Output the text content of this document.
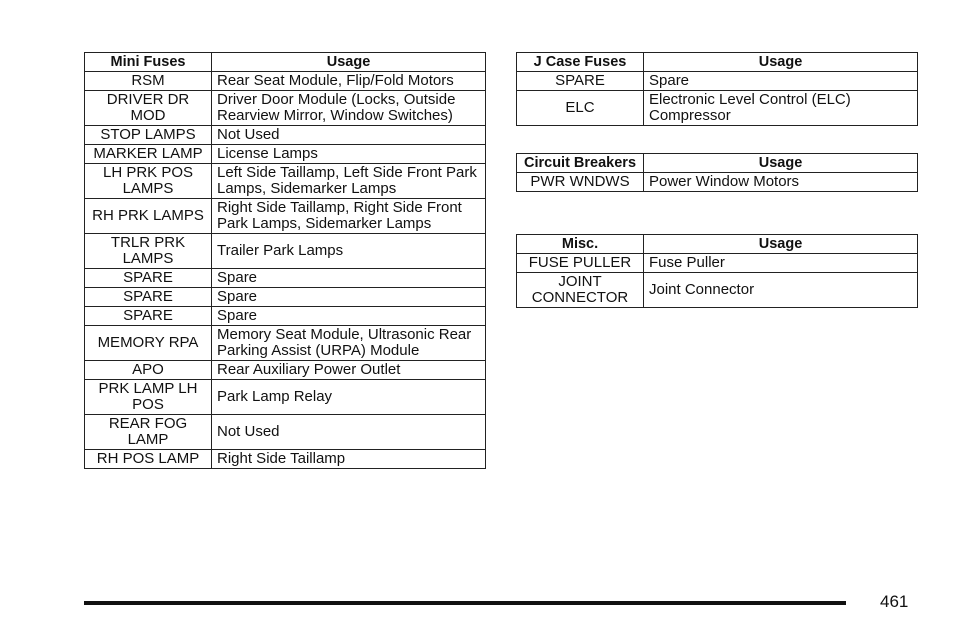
Mini Fuses	Usage
RSM	Rear Seat Module, Flip/Fold Motors
DRIVER DR MOD	Driver Door Module (Locks, Outside Rearview Mirror, Window Switches)
STOP LAMPS	Not Used
MARKER LAMP	License Lamps
LH PRK POS LAMPS	Left Side Taillamp, Left Side Front Park Lamps, Sidemarker Lamps
RH PRK LAMPS	Right Side Taillamp, Right Side Front Park Lamps, Sidemarker Lamps
TRLR PRK LAMPS	Trailer Park Lamps
SPARE	Spare
SPARE	Spare
SPARE	Spare
MEMORY RPA	Memory Seat Module, Ultrasonic Rear Parking Assist (URPA) Module
APO	Rear Auxiliary Power Outlet
PRK LAMP LH POS	Park Lamp Relay
REAR FOG LAMP	Not Used
RH POS LAMP	Right Side Taillamp
J Case Fuses	Usage
SPARE	Spare
ELC	Electronic Level Control (ELC) Compressor
Circuit Breakers	Usage
PWR WNDWS	Power Window Motors
Misc.	Usage
FUSE PULLER	Fuse Puller
JOINT CONNECTOR	Joint Connector
461
